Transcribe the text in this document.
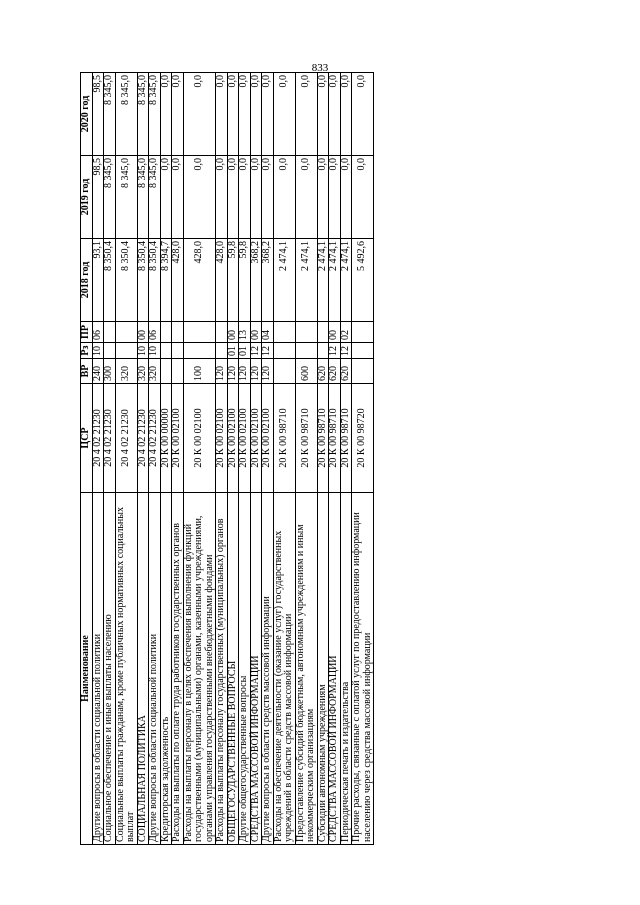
833
Наименование	ЦСР	ВР	Рз	ПР	2018 год	2019 год	2020 год
Другие вопросы в области социальной политики	20 4 02 21230	240	10	06	93,1	98,5	98,5
Социальное обеспечение и иные выплаты населению	20 4 02 21230	300			8 350,4	8 345,0	8 345,0
Социальные выплаты гражданам, кроме публичных нормативных социальных выплат	20 4 02 21230	320			8 350,4	8 345,0	8 345,0
СОЦИАЛЬНАЯ ПОЛИТИКА	20 4 02 21230	320	10	00	8 350,4	8 345,0	8 345,0
Другие вопросы в области социальной политики	20 4 02 21230	320	10	06	8 350,4	8 345,0	8 345,0
Кредиторская задолженность	20 К 00 00000				8 394,7	0,0	0,0
Расходы на выплаты по оплате труда работников государственных органов	20 К 00 02100				428,0	0,0	0,0
Расходы на выплаты персоналу в целях обеспечения выполнения функций государственными (муниципальными) органами, казенными учреждениями, органами управления государственными внебюджетными фондами	20 К 00 02100	100			428,0	0,0	0,0
Расходы на выплаты персоналу государственных (муниципальных) органов	20 К 00 02100	120			428,0	0,0	0,0
ОБЩЕГОСУДАРСТВЕННЫЕ ВОПРОСЫ	20 К 00 02100	120	01	00	59,8	0,0	0,0
Другие общегосударственные вопросы	20 К 00 02100	120	01	13	59,8	0,0	0,0
СРЕДСТВА МАССОВОЙ ИНФОРМАЦИИ	20 К 00 02100	120	12	00	368,2	0,0	0,0
Другие вопросы в области средств массовой информации	20 К 00 02100	120	12	04	368,2	0,0	0,0
Расходы на обеспечение деятельности (оказание услуг) государственных учреждений в области средств массовой информации	20 К 00 98710				2 474,1	0,0	0,0
Предоставление субсидий бюджетным, автономным учреждениям и иным некоммерческим организациям	20 К 00 98710	600			2 474,1	0,0	0,0
Субсидии автономным учреждениям	20 К 00 98710	620			2 474,1	0,0	0,0
СРЕДСТВА МАССОВОЙ ИНФОРМАЦИИ	20 К 00 98710	620	12	00	2 474,1	0,0	0,0
Периодическая печать и издательства	20 К 00 98710	620	12	02	2 474,1	0,0	0,0
Прочие расходы, связанные с оплатой услуг по предоставлению информации населению через средства массовой информации	20 К 00 98720				5 492,6	0,0	0,0
